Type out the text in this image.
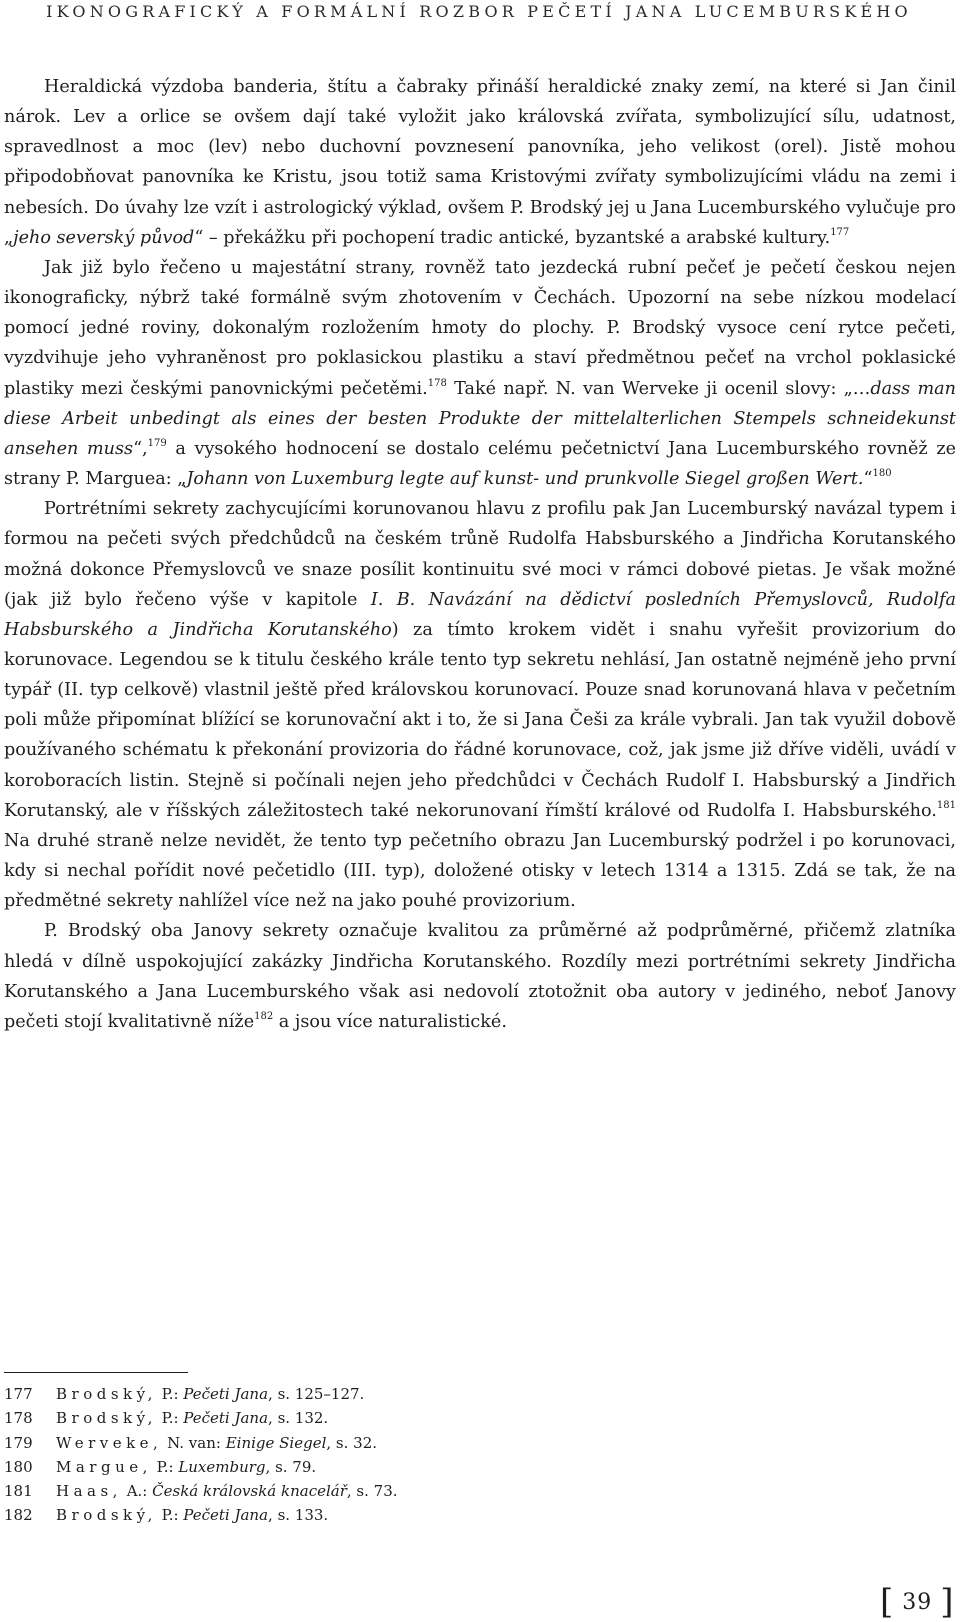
IKONOGRAFICKÝ A FORMÁLNÍ ROZBOR PEČETÍ JANA LUCEMBURSKÉHO

Heraldická výzdoba banderia, štítu a čabraky přináší heraldické znaky zemí, na které si Jan činil nárok. Lev a orlice se ovšem dají také vyložit jako královská zvířata, symbolizující sílu, udatnost, spravedlnost a moc (lev) nebo duchovní povznesení panovníka, jeho velikost (orel). Jistě mohou připodobňovat panovníka ke Kristu, jsou totiž sama Kristovými zvířaty symbolizujícími vládu na zemi i nebesích. Do úvahy lze vzít i astrologický výklad, ovšem P. Brodský jej u Jana Lucemburského vylučuje pro „jeho severský původ“ – překážku při pochopení tradic antické, byzantské a arabské kultury.$^{177}$

Jak již bylo řečeno u majestátní strany, rovněž tato jezdecká rubní pečeť je pečetí českou nejen ikonograficky, nýbrž také formálně svým zhotovením v Čechách. Upozorní na sebe nízkou modelací pomocí jedné roviny, dokonalým rozložením hmoty do plochy. P. Brodský vysoce cení rytce pečeti, vyzdvihuje jeho vyhraněnost pro poklasickou plastiku a staví předmětnou pečeť na vrchol poklasické plastiky mezi českými panovnickými pečetěmi.$^{178}$ Také např. N. van Werveke ji ocenil slovy: „…dass man diese Arbeit unbedingt als eines der besten Produkte der mittelalterlichen Stempels schneidekunst ansehen muss“,$^{179}$ a vysokého hodnocení se dostalo celému pečetnictví Jana Lucemburského rovněž ze strany P. Marguea: „Johann von Luxemburg legte auf kunst- und prunkvolle Siegel großen Wert.“$^{180}$

Portrétními sekrety zachycujícími korunovanou hlavu z profilu pak Jan Lucemburský navázal typem i formou na pečeti svých předchůdců na českém trůně Rudolfa Habsburského a Jindřicha Korutanského možná dokonce Přemyslovců ve snaze posílit kontinuitu své moci v rámci dobové pietas. Je však možné (jak již bylo řečeno výše v kapitole I. B. Navázání na dědictví posledních Přemyslovců, Rudolfa Habsburského a Jindřicha Korutanského) za tímto krokem vidět i snahu vyřešit provizorium do korunovace. Legendou se k titulu českého krále tento typ sekretu nehlásí, Jan ostatně nejméně jeho první typář (II. typ celkově) vlastnil ještě před královskou korunovací. Pouze snad korunovaná hlava v pečetním poli může připomínat blížící se korunovační akt i to, že si Jana Češi za krále vybrali. Jan tak využil dobově používaného schématu k překonání provizoria do řádné korunovace, což, jak jsme již dříve viděli, uvádí v koroboracích listin. Stejně si počínali nejen jeho předchůdci v Čechách Rudolf I. Habsburský a Jindřich Korutanský, ale v říšských záležitostech také nekorunovaní římští králové od Rudolfa I. Habsburského.$^{181}$ Na druhé straně nelze nevidět, že tento typ pečetního obrazu Jan Lucemburský podržel i po korunovaci, kdy si nechal pořídit nové pečetidlo (III. typ), doložené otisky v letech 1314 a 1315. Zdá se tak, že na předmětné sekrety nahlížel více než na jako pouhé provizorium.

P. Brodský oba Janovy sekrety označuje kvalitou za průměrné až podprůměrné, přičemž zlatníka hledá v dílně uspokojující zakázky Jindřicha Korutanského. Rozdíly mezi portrétními sekrety Jindřicha Korutanského a Jana Lucemburského však asi nedovolí ztotožnit oba autory v jediného, neboť Janovy pečeti stojí kvalitativně níže$^{182}$ a jsou více naturalistické.

177	Brodský, P.: Pečeti Jana, s. 125–127.
178	Brodský, P.: Pečeti Jana, s. 132.
179	Werveke, N. van: Einige Siegel, s. 32.
180	Margue, P.: Luxemburg, s. 79.
181	Haas, A.: Česká královská knacelář, s. 73.
182	Brodský, P.: Pečeti Jana, s. 133.
[ 39 ]
